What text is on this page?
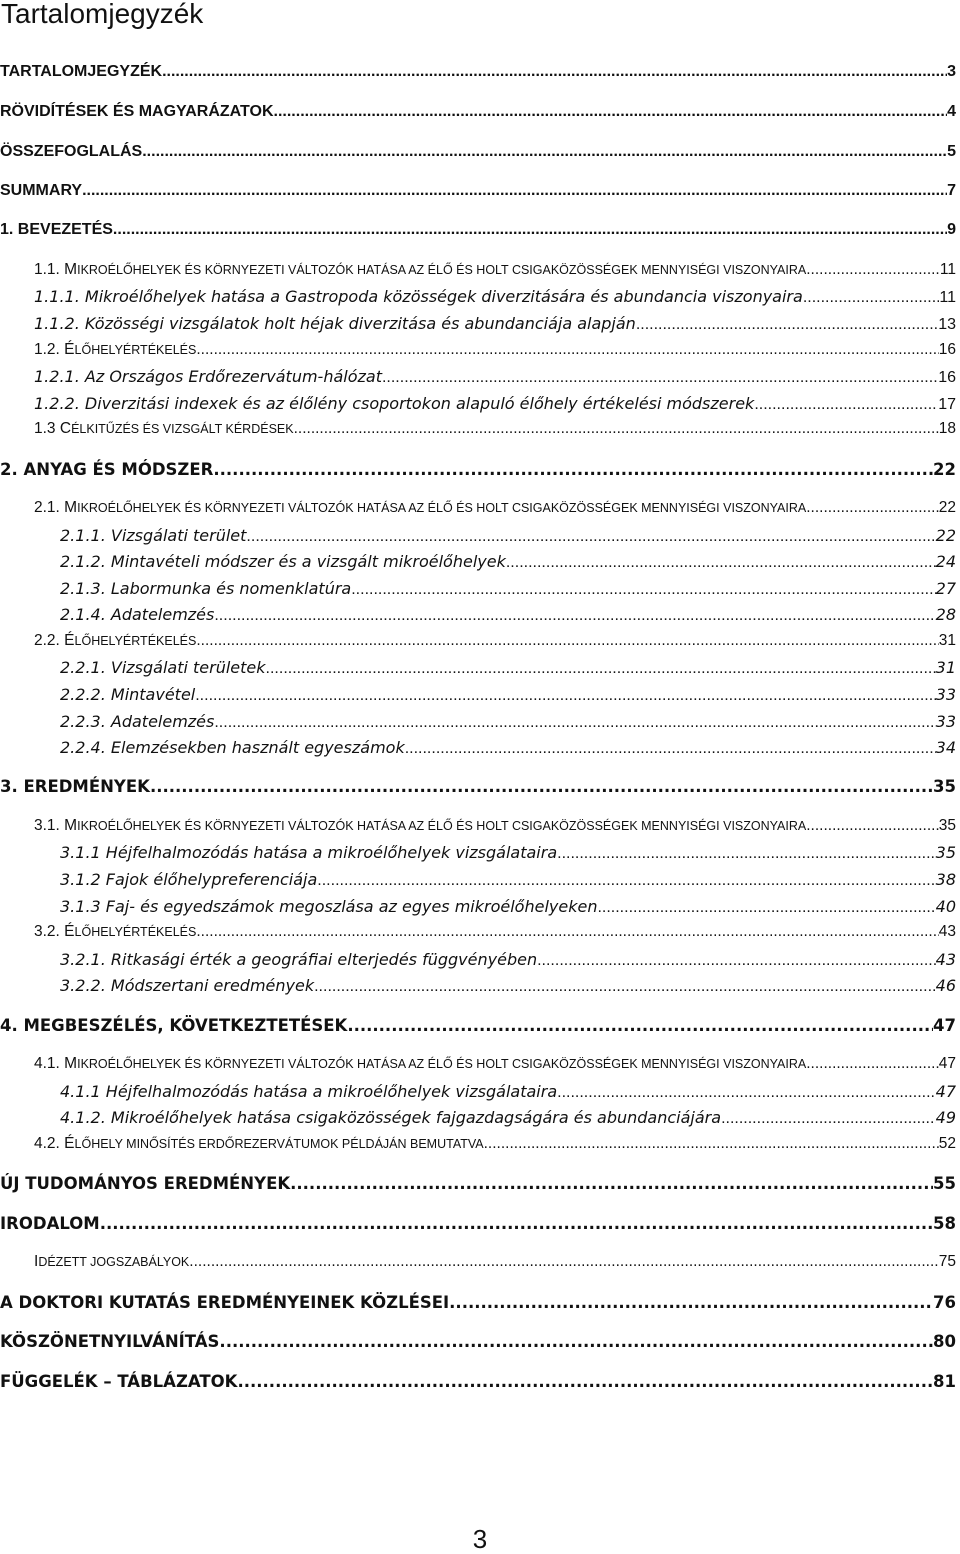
Tartalomjegyzék
TARTALOMJEGYZÉK .....	3
RÖVIDÍTÉSEK ÉS MAGYARÁZATOK .....	4
ÖSSZEFOGLALÁS .....	5
SUMMARY .....	7
1. BEVEZETÉS .....	9
1.1. MIKROÉLŐHELYEK ÉS KÖRNYEZETI VÁLTOZÓK HATÁSA AZ ÉLŐ ÉS HOLT CSIGAKÖZÖSSÉGEK MENNYISÉGI VISZONYAIRA .....	11
1.1.1. Mikroélőhelyek hatása a Gastropoda közösségek diverzitására és abundancia viszonyaira .....	11
1.1.2. Közösségi vizsgálatok holt héjak diverzitása és abundanciája alapján .....	13
1.2. ÉLŐHELYÉRTÉKELÉS .....	16
1.2.1. Az Országos Erdőrezervátum-hálózat .....	16
1.2.2. Diverzitási indexek és az élőlény csoportokon alapuló élőhely értékelési módszerek .....	17
1.3 CÉLKITŰZÉS ÉS VIZSGÁLT KÉRDÉSEK .....	18
2. ANYAG ÉS MÓDSZER .....	22
2.1. MIKROÉLŐHELYEK ÉS KÖRNYEZETI VÁLTOZÓK HATÁSA AZ ÉLŐ ÉS HOLT CSIGAKÖZÖSSÉGEK MENNYISÉGI VISZONYAIRA .....	22
2.1.1. Vizsgálati terület .....	22
2.1.2. Mintavételi módszer és a vizsgált mikroélőhelyek .....	24
2.1.3. Labormunka és nomenklatúra .....	27
2.1.4. Adatelemzés .....	28
2.2. ÉLŐHELYÉRTÉKELÉS .....	31
2.2.1. Vizsgálati területek .....	31
2.2.2. Mintavétel .....	33
2.2.3. Adatelemzés .....	33
2.2.4. Elemzésekben használt egyeszámok .....	34
3. EREDMÉNYEK .....	35
3.1. MIKROÉLŐHELYEK ÉS KÖRNYEZETI VÁLTOZÓK HATÁSA AZ ÉLŐ ÉS HOLT CSIGAKÖZÖSSÉGEK MENNYISÉGI VISZONYAIRA .....	35
3.1.1 Héjfelhalmozódás hatása a mikroélőhelyek vizsgálataira .....	35
3.1.2 Fajok élőhelypreferenciája .....	38
3.1.3 Faj- és egyedszámok megoszlása az egyes mikroélőhelyeken .....	40
3.2. ÉLŐHELYÉRTÉKELÉS .....	43
3.2.1. Ritkasági érték a geográfiai elterjedés függvényében .....	43
3.2.2. Módszertani eredmények .....	46
4. MEGBESZÉLÉS, KÖVETKEZTETÉSEK .....	47
4.1. MIKROÉLŐHELYEK ÉS KÖRNYEZETI VÁLTOZÓK HATÁSA AZ ÉLŐ ÉS HOLT CSIGAKÖZÖSSÉGEK MENNYISÉGI VISZONYAIRA .....	47
4.1.1 Héjfelhalmozódás hatása a mikroélőhelyek vizsgálataira .....	47
4.1.2. Mikroélőhelyek hatása csigaközösségek fajgazdagságára és abundanciájára .....	49
4.2. ÉLŐHELY MINŐSÍTÉS ERDŐREZERVÁTUMOK PÉLDÁJÁN BEMUTATVA .....	52
ÚJ TUDOMÁNYOS EREDMÉNYEK .....	55
IRODALOM .....	58
IDÉZETT JOGSZABÁLYOK .....	75
A DOKTORI KUTATÁS EREDMÉNYEINEK KÖZLÉSEI .....	76
KÖSZÖNETNYILVÁNÍTÁS .....	80
FÜGGELÉK – TÁBLÁZATOK .....	81
3
